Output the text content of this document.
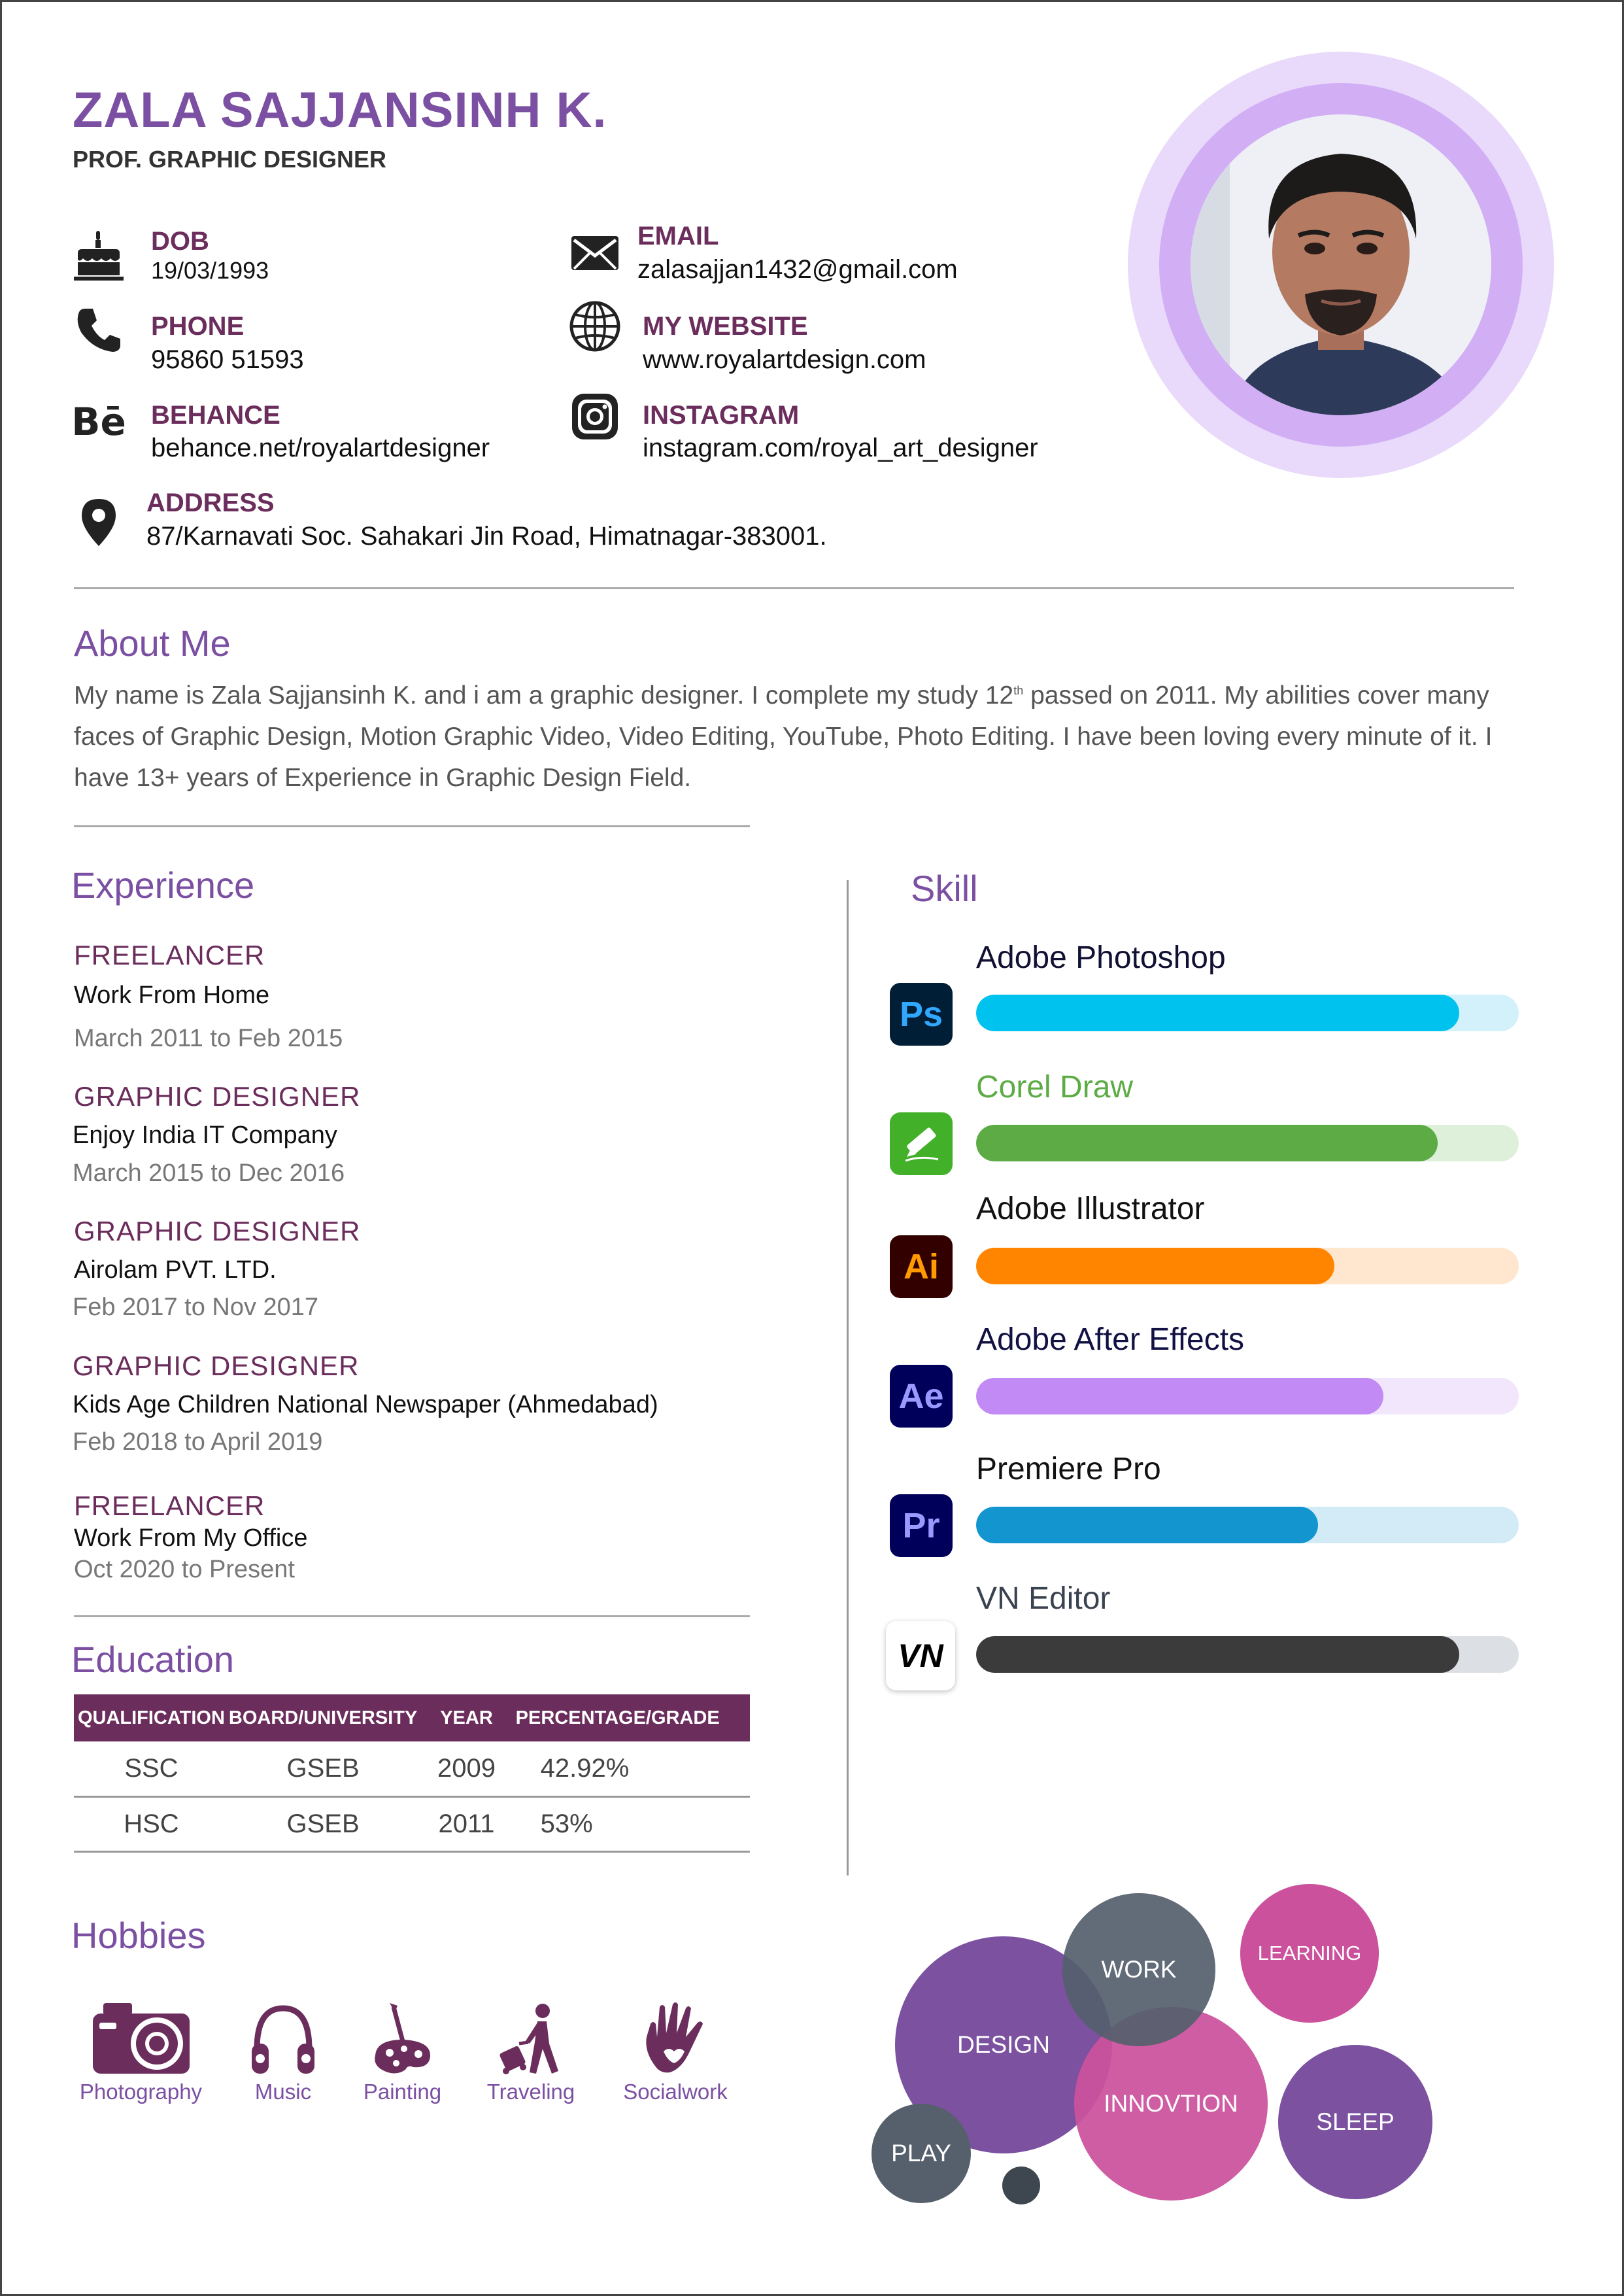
ZALA SAJJANSINH K.
PROF. GRAPHIC DESIGNER
DOB
19/03/1993
EMAIL
zalasajjan1432@gmail.com
PHONE
95860 51593
MY WEBSITE
www.royalartdesign.com
Bē BEHANCE
behance.net/royalartdesigner
INSTAGRAM
instagram.com/royal_art_designer
ADDRESS
87/Karnavati Soc. Sahakari Jin Road, Himatnagar-383001.
About Me
My name is Zala Sajjansinh K. and i am a graphic designer. I complete my study 12th passed on 2011. My abilities cover many faces of Graphic Design, Motion Graphic Video, Video Editing, YouTube, Photo Editing. I have been loving every minute of it. I have 13+ years of Experience in Graphic Design Field.
Experience
FREELANCER
Work From Home
March 2011 to Feb 2015
GRAPHIC DESIGNER
Enjoy India IT Company
March 2015 to Dec 2016
GRAPHIC DESIGNER
Airolam PVT. LTD.
Feb 2017 to Nov 2017
GRAPHIC DESIGNER
Kids Age Children National Newspaper (Ahmedabad)
Feb 2018 to April 2019
FREELANCER
Work From My Office
Oct 2020 to Present
Education
QUALIFICATION	BOARD/UNIVERSITY	YEAR	PERCENTAGE/GRADE
SSC	GSEB	2009	42.92%
HSC	GSEB	2011	53%
Skill
Adobe Photoshop
Ps
Corel Draw
Adobe Illustrator
Ai
Adobe After Effects
Ae
Premiere Pro
Pr
VN Editor
VN
Hobbies
Photography	Music	Painting	Traveling	Socialwork
DESIGN
INNOVTION
WORK
LEARNING
SLEEP
PLAY
